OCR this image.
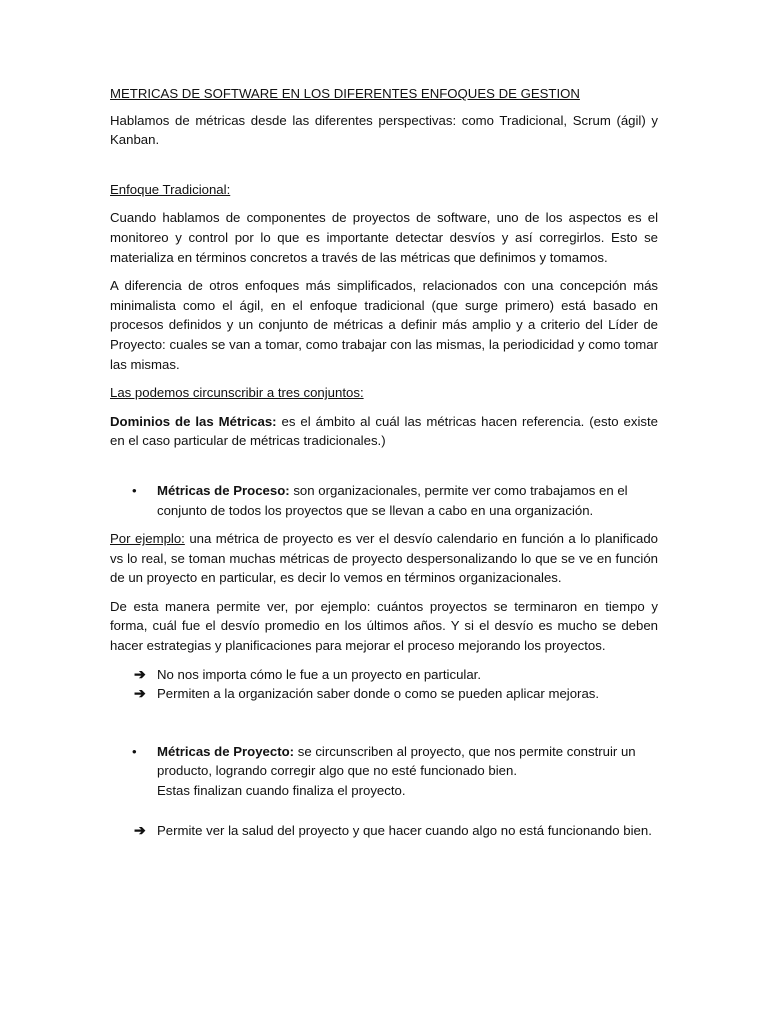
METRICAS DE SOFTWARE EN LOS DIFERENTES ENFOQUES DE GESTION

Hablamos de métricas desde las diferentes perspectivas: como Tradicional, Scrum (ágil) y Kanban.

Enfoque Tradicional:

Cuando hablamos de componentes de proyectos de software, uno de los aspectos es el monitoreo y control por lo que es importante detectar desvíos y así corregirlos. Esto se materializa en términos concretos a través de las métricas que definimos y tomamos.

A diferencia de otros enfoques más simplificados, relacionados con una concepción más minimalista como el ágil, en el enfoque tradicional (que surge primero) está basado en procesos definidos y un conjunto de métricas a definir más amplio y a criterio del Líder de Proyecto: cuales se van a tomar, como trabajar con las mismas, la periodicidad y como tomar las mismas.

Las podemos circunscribir a tres conjuntos:

Dominios de las Métricas: es el ámbito al cuál las métricas hacen referencia. (esto existe en el caso particular de métricas tradicionales.)

• Métricas de Proceso: son organizacionales, permite ver como trabajamos en el conjunto de todos los proyectos que se llevan a cabo en una organización.

Por ejemplo: una métrica de proyecto es ver el desvío calendario en función a lo planificado vs lo real, se toman muchas métricas de proyecto despersonalizando lo que se ve en función de un proyecto en particular, es decir lo vemos en términos organizacionales.

De esta manera permite ver, por ejemplo: cuántos proyectos se terminaron en tiempo y forma, cuál fue el desvío promedio en los últimos años. Y si el desvío es mucho se deben hacer estrategias y planificaciones para mejorar el proceso mejorando los proyectos.

➔ No nos importa cómo le fue a un proyecto en particular.

➔ Permiten a la organización saber donde o como se pueden aplicar mejoras.

• Métricas de Proyecto: se circunscriben al proyecto, que nos permite construir un producto, logrando corregir algo que no esté funcionado bien.

Estas finalizan cuando finaliza el proyecto.

➔ Permite ver la salud del proyecto y que hacer cuando algo no está funcionando bien.
